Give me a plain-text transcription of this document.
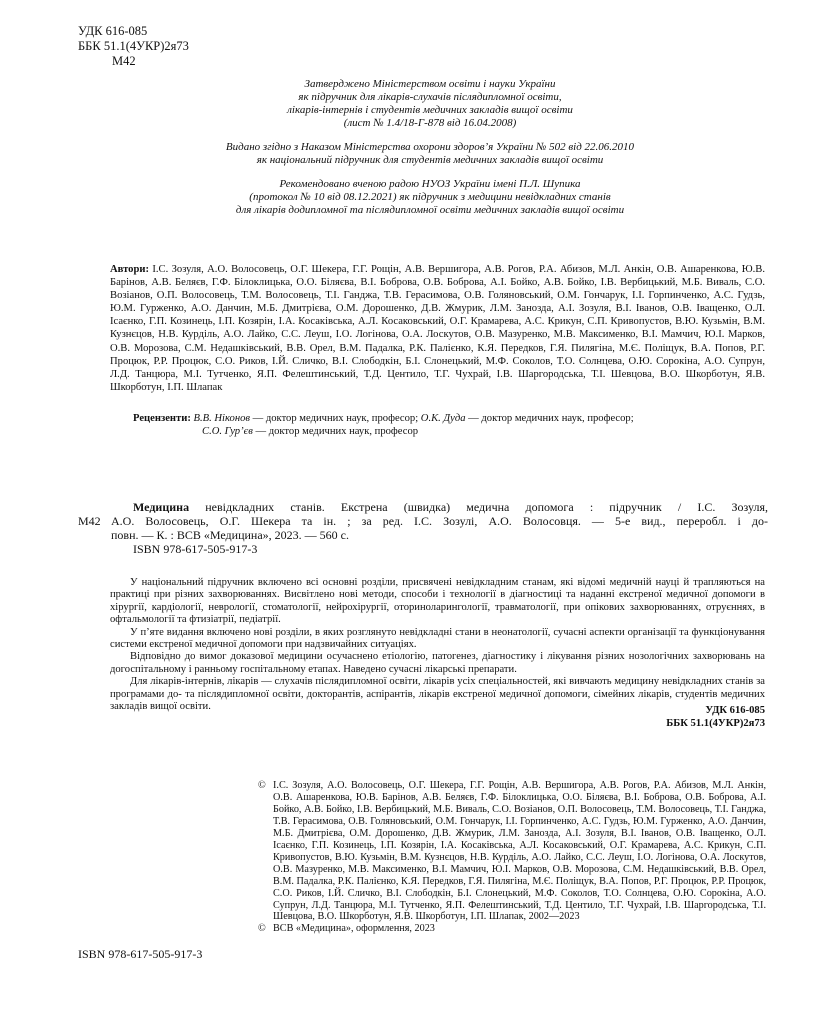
УДК 616-085
ББК 51.1(4УКР)2я73
М42
Затверджено Міністерством освіти і науки України
як підручник для лікарів-слухачів післядипломної освіти,
лікарів-інтернів і студентів медичних закладів вищої освіти
(лист № 1.4/18-Г-878 від 16.04.2008)
Видано згідно з Наказом Міністерства охорони здоров’я України № 502 від 22.06.2010
як національний підручник для студентів медичних закладів вищої освіти
Рекомендовано вченою радою НУОЗ України імені П.Л. Шупика
(протокол № 10 від 08.12.2021) як підручник з медицини невідкладних станів
для лікарів додипломної та післядипломної освіти медичних закладів вищої освіти
Автори: І.С. Зозуля, А.О. Волосовець, О.Г. Шекера, Г.Г. Рощін, А.В. Вершигора, А.В. Рогов, Р.А. Абизов, М.Л. Анкін, О.В. Ашаренкова, Ю.В. Барінов, А.В. Беляєв, Г.Ф. Білоклицька, О.О. Біляєва, В.І. Боброва, О.В. Боброва, А.І. Бойко, А.В. Бойко, І.В. Вербицький, М.Б. Виваль, С.О. Возіанов, О.П. Волосовець, Т.М. Волосовець, Т.І. Ганджа, Т.В. Герасимова, О.В. Голяновський, О.М. Гончарук, І.І. Горпинченко, А.С. Гудзь, Ю.М. Гурженко, А.О. Данчин, М.Б. Дмитрієва, О.М. Дорошенко, Д.В. Жмурик, Л.М. Занозда, А.І. Зозуля, В.І. Іванов, О.В. Іващенко, О.Л. Ісаєнко, Г.П. Козинець, І.П. Козярін, І.А. Косаківська, А.Л. Косаковський, О.Г. Крамарева, А.С. Крикун, С.П. Кривопустов, В.Ю. Кузьмін, В.М. Кузнєцов, Н.В. Курділь, А.О. Лайко, С.С. Леуш, І.О. Логінова, О.А. Лоскутов, О.В. Мазуренко, М.В. Максименко, В.І. Мамчич, Ю.І. Марков, О.В. Морозова, С.М. Недашківський, В.В. Орел, В.М. Падалка, Р.К. Палієнко, К.Я. Передков, Г.Я. Пилягіна, М.Є. Поліщук, В.А. Попов, Р.Г. Процюк, Р.Р. Процюк, С.О. Риков, І.Й. Сличко, В.І. Слободкін, Б.І. Слонецький, М.Ф. Соколов, Т.О. Солнцева, О.Ю. Сорокіна, А.О. Супрун, Л.Д. Танцюра, М.І. Тутченко, Я.П. Фелештинський, Т.Д. Центило, Т.Г. Чухрай, І.В. Шаргородська, Т.І. Шевцова, В.О. Шкорботун, Я.В. Шкорботун, І.П. Шлапак
Рецензенти: В.В. Ніконов — доктор медичних наук, професор; О.К. Дуда — доктор медичних наук, професор;
С.О. Гур’єв — доктор медичних наук, професор
Медицина невідкладних станів. Екстрена (швидка) медична допомога : підручник / І.С. Зозуля,
М42 А.О. Волосовець, О.Г. Шекера та ін. ; за ред. І.С. Зозулі, А.О. Волосовця. — 5-е вид., переробл. і до-
повн. — К. : ВСВ «Медицина», 2023. — 560 с.
ISBN 978-617-505-917-3

У національний підручник включено всі основні розділи, присвячені невідкладним станам, які відомі медичній науці й трапляються на практиці при різних захворюваннях. Висвітлено нові методи, способи і технології в діагностиці та наданні екстреної медичної допомоги в хірургії, кардіології, неврології, стоматології, нейрохірургії, оториноларингології, травматології, при опікових захворюваннях, отруєннях, в офтальмології та фтизіатрії, педіатрії.

У п’яте видання включено нові розділи, в яких розглянуто невідкладні стани в неонатології, сучасні аспекти організації та функціонування системи екстреної медичної допомоги при надзвичайних ситуаціях.

Відповідно до вимог доказової медицини осучаснено етіологію, патогенез, діагностику і лікування різних нозологічних захворювань на догоспітальному і ранньому госпітальному етапах. Наведено сучасні лікарські препарати.

Для лікарів-інтернів, лікарів — слухачів післядипломної освіти, лікарів усіх спеціальностей, які вивчають медицину невідкладних станів за програмами до- та післядипломної освіти, докторантів, аспірантів, лікарів екстреної медичної допомоги, сімейних лікарів, студентів медичних закладів вищої освіти.	УДК 616-085
ББК 51.1(4УКР)2я73
© І.С. Зозуля, А.О. Волосовець, О.Г. Шекера, Г.Г. Рощін, А.В. Вершигора, А.В. Рогов, Р.А. Абизов, М.Л. Анкін, О.В. Ашаренкова, Ю.В. Барінов, А.В. Беляєв, Г.Ф. Білоклицька, О.О. Біляєва, В.І. Боброва, О.В. Боброва, А.І. Бойко, А.В. Бойко, І.В. Вербицький, М.Б. Виваль, С.О. Возіанов, О.П. Волосовець, Т.М. Волосовець, Т.І. Ганджа, Т.В. Герасимова, О.В. Голяновський, О.М. Гончарук, І.І. Горпинченко, А.С. Гудзь, Ю.М. Гурженко, А.О. Данчин, М.Б. Дмитрієва, О.М. Дорошенко, Д.В. Жмурик, Л.М. Занозда, А.І. Зозуля, В.І. Іванов, О.В. Іващенко, О.Л. Ісаєнко, Г.П. Козинець, І.П. Козярін, І.А. Косаківська, А.Л. Косаковський, О.Г. Крамарева, А.С. Крикун, С.П. Кривопустов, В.Ю. Кузьмін, В.М. Кузнєцов, Н.В. Курділь, А.О. Лайко, С.С. Леуш, І.О. Логінова, О.А. Лоскутов, О.В. Мазуренко, М.В. Максименко, В.І. Мамчич, Ю.І. Марков, О.В. Морозова, С.М. Недашківський, В.В. Орел, В.М. Падалка, Р.К. Палієнко, К.Я. Передков, Г.Я. Пилягіна, М.Є. Поліщук, В.А. Попов, Р.Г. Процюк, Р.Р. Процюк, С.О. Риков, І.Й. Сличко, В.І. Слободкін, Б.І. Слонецький, М.Ф. Соколов, Т.О. Солнцева, О.Ю. Сорокіна, А.О. Супрун, Л.Д. Танцюра, М.І. Тутченко, Я.П. Фелештинський, Т.Д. Центило, Т.Г. Чухрай, І.В. Шаргородська, Т.І. Шевцова, В.О. Шкорботун, Я.В. Шкорботун, І.П. Шлапак, 2002—2023
© ВСВ «Медицина», оформлення, 2023
ISBN 978-617-505-917-3
